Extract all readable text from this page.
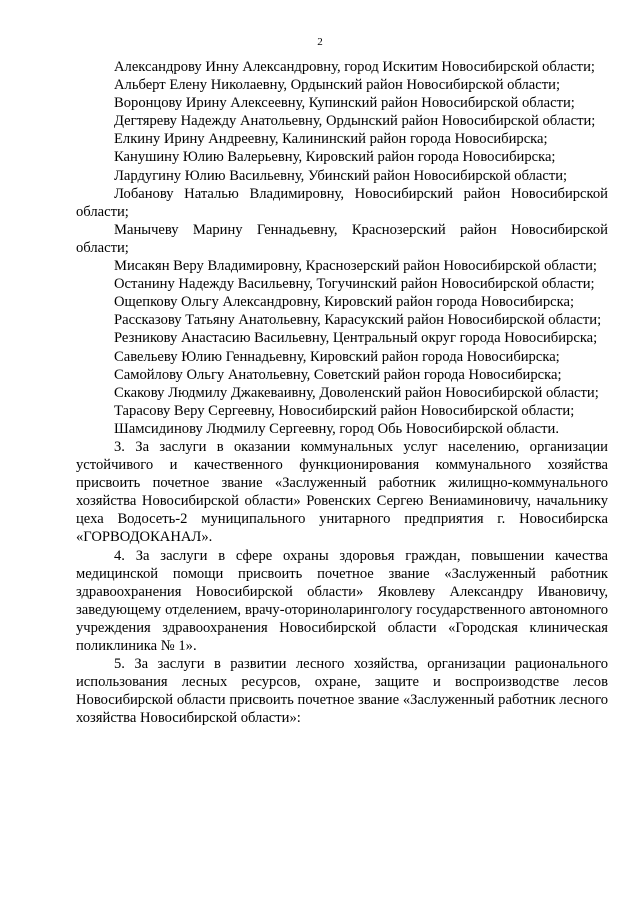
2

Александрову Инну Александровну, город Искитим Новосибирской области;

Альберт Елену Николаевну, Ордынский район Новосибирской области;

Воронцову Ирину Алексеевну, Купинский район Новосибирской области;

Дегтяреву Надежду Анатольевну, Ордынский район Новосибирской области;

Елкину Ирину Андреевну, Калининский район города Новосибирска;

Канушину Юлию Валерьевну, Кировский район города Новосибирска;

Лардугину Юлию Васильевну, Убинский район Новосибирской области;

Лобанову Наталью Владимировну, Новосибирский район Новосибирской области;

Манычеву Марину Геннадьевну, Краснозерский район Новосибирской области;

Мисакян Веру Владимировну, Краснозерский район Новосибирской области;

Останину Надежду Васильевну, Тогучинский район Новосибирской области;

Ощепкову Ольгу Александровну, Кировский район города Новосибирска;

Рассказову Татьяну Анатольевну, Карасукский район Новосибирской области;

Резникову Анастасию Васильевну, Центральный округ города Новосибирска;

Савельеву Юлию Геннадьевну, Кировский район города Новосибирска;

Самойлову Ольгу Анатольевну, Советский район города Новосибирска;

Скакову Людмилу Джакеваивну, Доволенский район Новосибирской области;

Тарасову Веру Сергеевну, Новосибирский район Новосибирской области;

Шамсидинову Людмилу Сергеевну, город Обь Новосибирской области.

3. За заслуги в оказании коммунальных услуг населению, организации устойчивого и качественного функционирования коммунального хозяйства присвоить почетное звание «Заслуженный работник жилищно-коммунального хозяйства Новосибирской области» Ровенских Сергею Вениаминовичу, начальнику цеха Водосеть-2 муниципального унитарного предприятия г. Новосибирска «ГОРВОДОКАНАЛ».

4. За заслуги в сфере охраны здоровья граждан, повышении качества медицинской помощи присвоить почетное звание «Заслуженный работник здравоохранения Новосибирской области» Яковлеву Александру Ивановичу, заведующему отделением, врачу-оториноларингологу государственного автономного учреждения здравоохранения Новосибирской области «Городская клиническая поликлиника № 1».

5. За заслуги в развитии лесного хозяйства, организации рационального использования лесных ресурсов, охране, защите и воспроизводстве лесов Новосибирской области присвоить почетное звание «Заслуженный работник лесного хозяйства Новосибирской области»:
